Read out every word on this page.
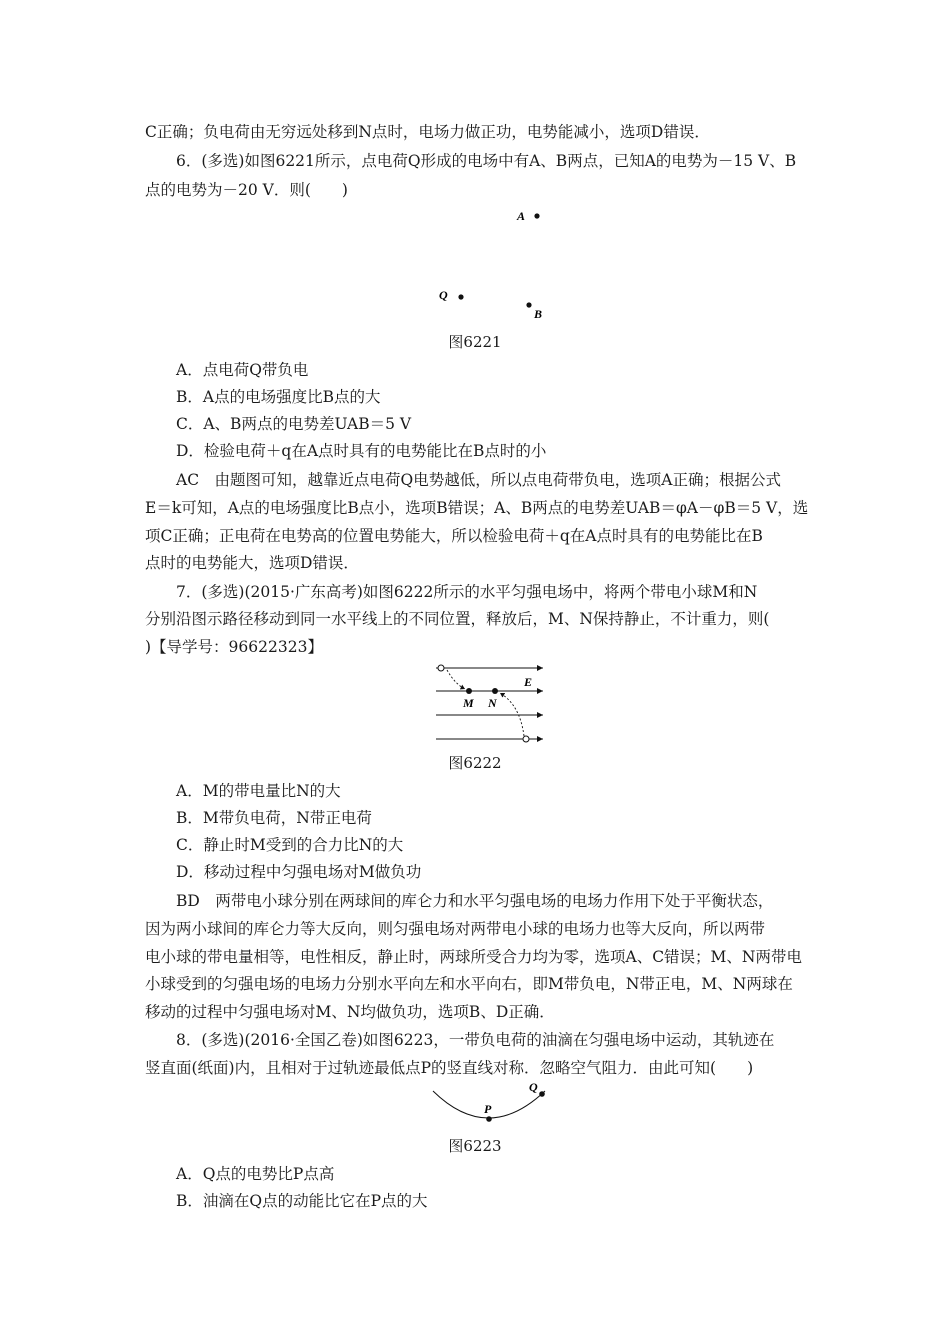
C正确；负电荷由无穷远处移到N点时，电场力做正功，电势能减小，选项D错误．
6．(多选)如图6221所示，点电荷Q形成的电场中有A、B两点，已知A的电势为－15 V、B
点的电势为－20 V．则(　　)
A
Q
B
图6221
A．点电荷Q带负电
B．A点的电场强度比B点的大
C．A、B两点的电势差UAB＝5 V
D．检验电荷＋q在A点时具有的电势能比在B点时的小
AC　由题图可知，越靠近点电荷Q电势越低，所以点电荷带负电，选项A正确；根据公式
E＝k可知，A点的电场强度比B点小，选项B错误；A、B两点的电势差UAB＝φA－φB＝5 V，选
项C正确；正电荷在电势高的位置电势能大，所以检验电荷＋q在A点时具有的电势能比在B
点时的电势能大，选项D错误．
7．(多选)(2015·广东高考)如图6222所示的水平匀强电场中，将两个带电小球M和N
分别沿图示路径移动到同一水平线上的不同位置，释放后，M、N保持静止，不计重力，则(
)【导学号：96622323】
M N
E
图6222
A．M的带电量比N的大
B．M带负电荷，N带正电荷
C．静止时M受到的合力比N的大
D．移动过程中匀强电场对M做负功
BD　两带电小球分别在两球间的库仑力和水平匀强电场的电场力作用下处于平衡状态，
因为两小球间的库仑力等大反向，则匀强电场对两带电小球的电场力也等大反向，所以两带
电小球的带电量相等，电性相反，静止时，两球所受合力均为零，选项A、C错误；M、N两带电
小球受到的匀强电场的电场力分别水平向左和水平向右，即M带负电，N带正电，M、N两球在
移动的过程中匀强电场对M、N均做负功，选项B、D正确．
8．(多选)(2016·全国乙卷)如图6223，一带负电荷的油滴在匀强电场中运动，其轨迹在
竖直面(纸面)内，且相对于过轨迹最低点P的竖直线对称．忽略空气阻力．由此可知(　　)
P
Q
图6223
A．Q点的电势比P点高
B．油滴在Q点的动能比它在P点的大
